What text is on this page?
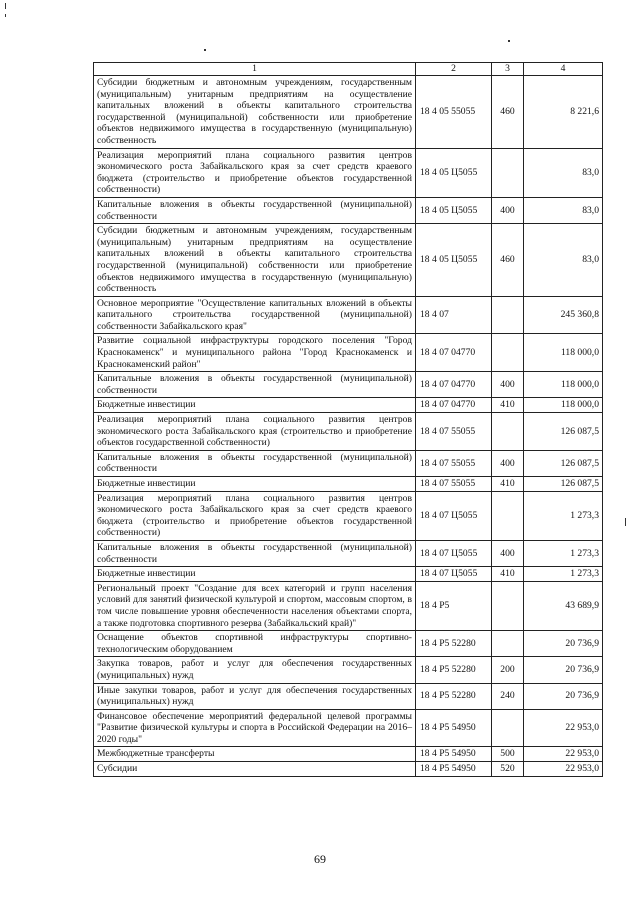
1	2	3	4
Субсидии бюджетным и автономным учреждениям, государственным (муниципальным) унитарным предприятиям на осуществление капитальных вложений в объекты капитального строительства государственной (муниципальной) собственности или приобретение объектов недвижимого имущества в государственную (муниципальную) собственность	18 4 05 55055	460	8 221,6
Реализация мероприятий плана социального развития центров экономического роста Забайкальского края за счет средств краевого бюджета (строительство и приобретение объектов государственной собственности)	18 4 05 Ц5055		83,0
Капитальные вложения в объекты государственной (муниципальной) собственности	18 4 05 Ц5055	400	83,0
Субсидии бюджетным и автономным учреждениям, государственным (муниципальным) унитарным предприятиям на осуществление капитальных вложений в объекты капитального строительства государственной (муниципальной) собственности или приобретение объектов недвижимого имущества в государственную (муниципальную) собственность	18 4 05 Ц5055	460	83,0
Основное мероприятие "Осуществление капитальных вложений в объекты капитального строительства государственной (муниципальной) собственности Забайкальского края"	18 4 07		245 360,8
Развитие социальной инфраструктуры городского поселения "Город Краснокаменск" и муниципального района "Город Краснокаменск и Краснокаменский район"	18 4 07 04770		118 000,0
Капитальные вложения в объекты государственной (муниципальной) собственности	18 4 07 04770	400	118 000,0
Бюджетные инвестиции	18 4 07 04770	410	118 000,0
Реализация мероприятий плана социального развития центров экономического роста Забайкальского края (строительство и приобретение объектов государственной собственности)	18 4 07 55055		126 087,5
Капитальные вложения в объекты государственной (муниципальной) собственности	18 4 07 55055	400	126 087,5
Бюджетные инвестиции	18 4 07 55055	410	126 087,5
Реализация мероприятий плана социального развития центров экономического роста Забайкальского края за счет средств краевого бюджета (строительство и приобретение объектов государственной собственности)	18 4 07 Ц5055		1 273,3
Капитальные вложения в объекты государственной (муниципальной) собственности	18 4 07 Ц5055	400	1 273,3
Бюджетные инвестиции	18 4 07 Ц5055	410	1 273,3
Региональный проект "Создание для всех категорий и групп населения условий для занятий физической культурой и спортом, массовым спортом, в том числе повышение уровня обеспеченности населения объектами спорта, а также подготовка спортивного резерва (Забайкальский край)"	18 4 P5		43 689,9
Оснащение объектов спортивной инфраструктуры спортивно-технологическим оборудованием	18 4 P5 52280		20 736,9
Закупка товаров, работ и услуг для обеспечения государственных (муниципальных) нужд	18 4 P5 52280	200	20 736,9
Иные закупки товаров, работ и услуг для обеспечения государственных (муниципальных) нужд	18 4 P5 52280	240	20 736,9
Финансовое обеспечение мероприятий федеральной целевой программы "Развитие физической культуры и спорта в Российской Федерации на 2016–2020 годы"	18 4 P5 54950		22 953,0
Межбюджетные трансферты	18 4 P5 54950	500	22 953,0
Субсидии	18 4 P5 54950	520	22 953,0
69
